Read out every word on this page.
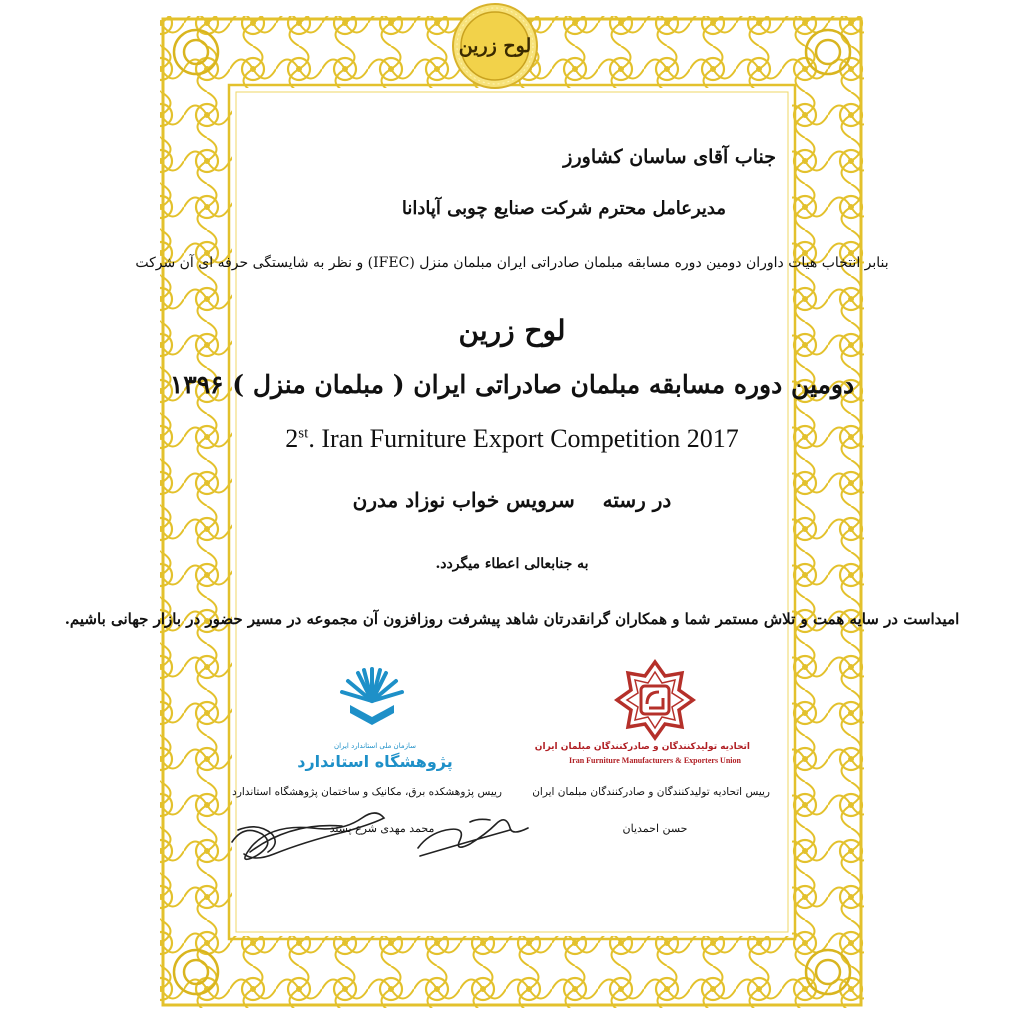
لوح زرین

جناب آقای ساسان کشاورز

مدیرعامل محترم شرکت صنایع چوبی آپادانا

بنابر انتخاب هیات داوران دومین دوره مسابقه مبلمان صادراتی ایران مبلمان منزل (IFEC) و نظر به شایستگی حرفه ای آن شرکت

لوح زرین

دومین دوره مسابقه مبلمان صادراتی ایران ( مبلمان منزل ) ۱۳۹۶

2st. Iran Furniture Export Competition 2017

در رسته  سرویس خواب نوزاد مدرن

به جنابعالی اعطاء میگردد.

امیداست در سایه همت و تلاش مستمر شما و همکاران گرانقدرتان شاهد پیشرفت روزافزون آن مجموعه در مسیر حضور در بازار جهانی باشیم.

سازمان ملی استاندارد ایران
پژوهشگاه استاندارد
اتحادیه تولیدکنندگان و صادرکنندگان مبلمان ایران
Iran Furniture Manufacturers & Exporters Union

رییس پژوهشکده برق، مکانیک و ساختمان پژوهشگاه استاندارد

محمد مهدی شرع پسند

رییس اتحادیه تولیدکنندگان و صادرکنندگان مبلمان ایران

حسن احمدیان
